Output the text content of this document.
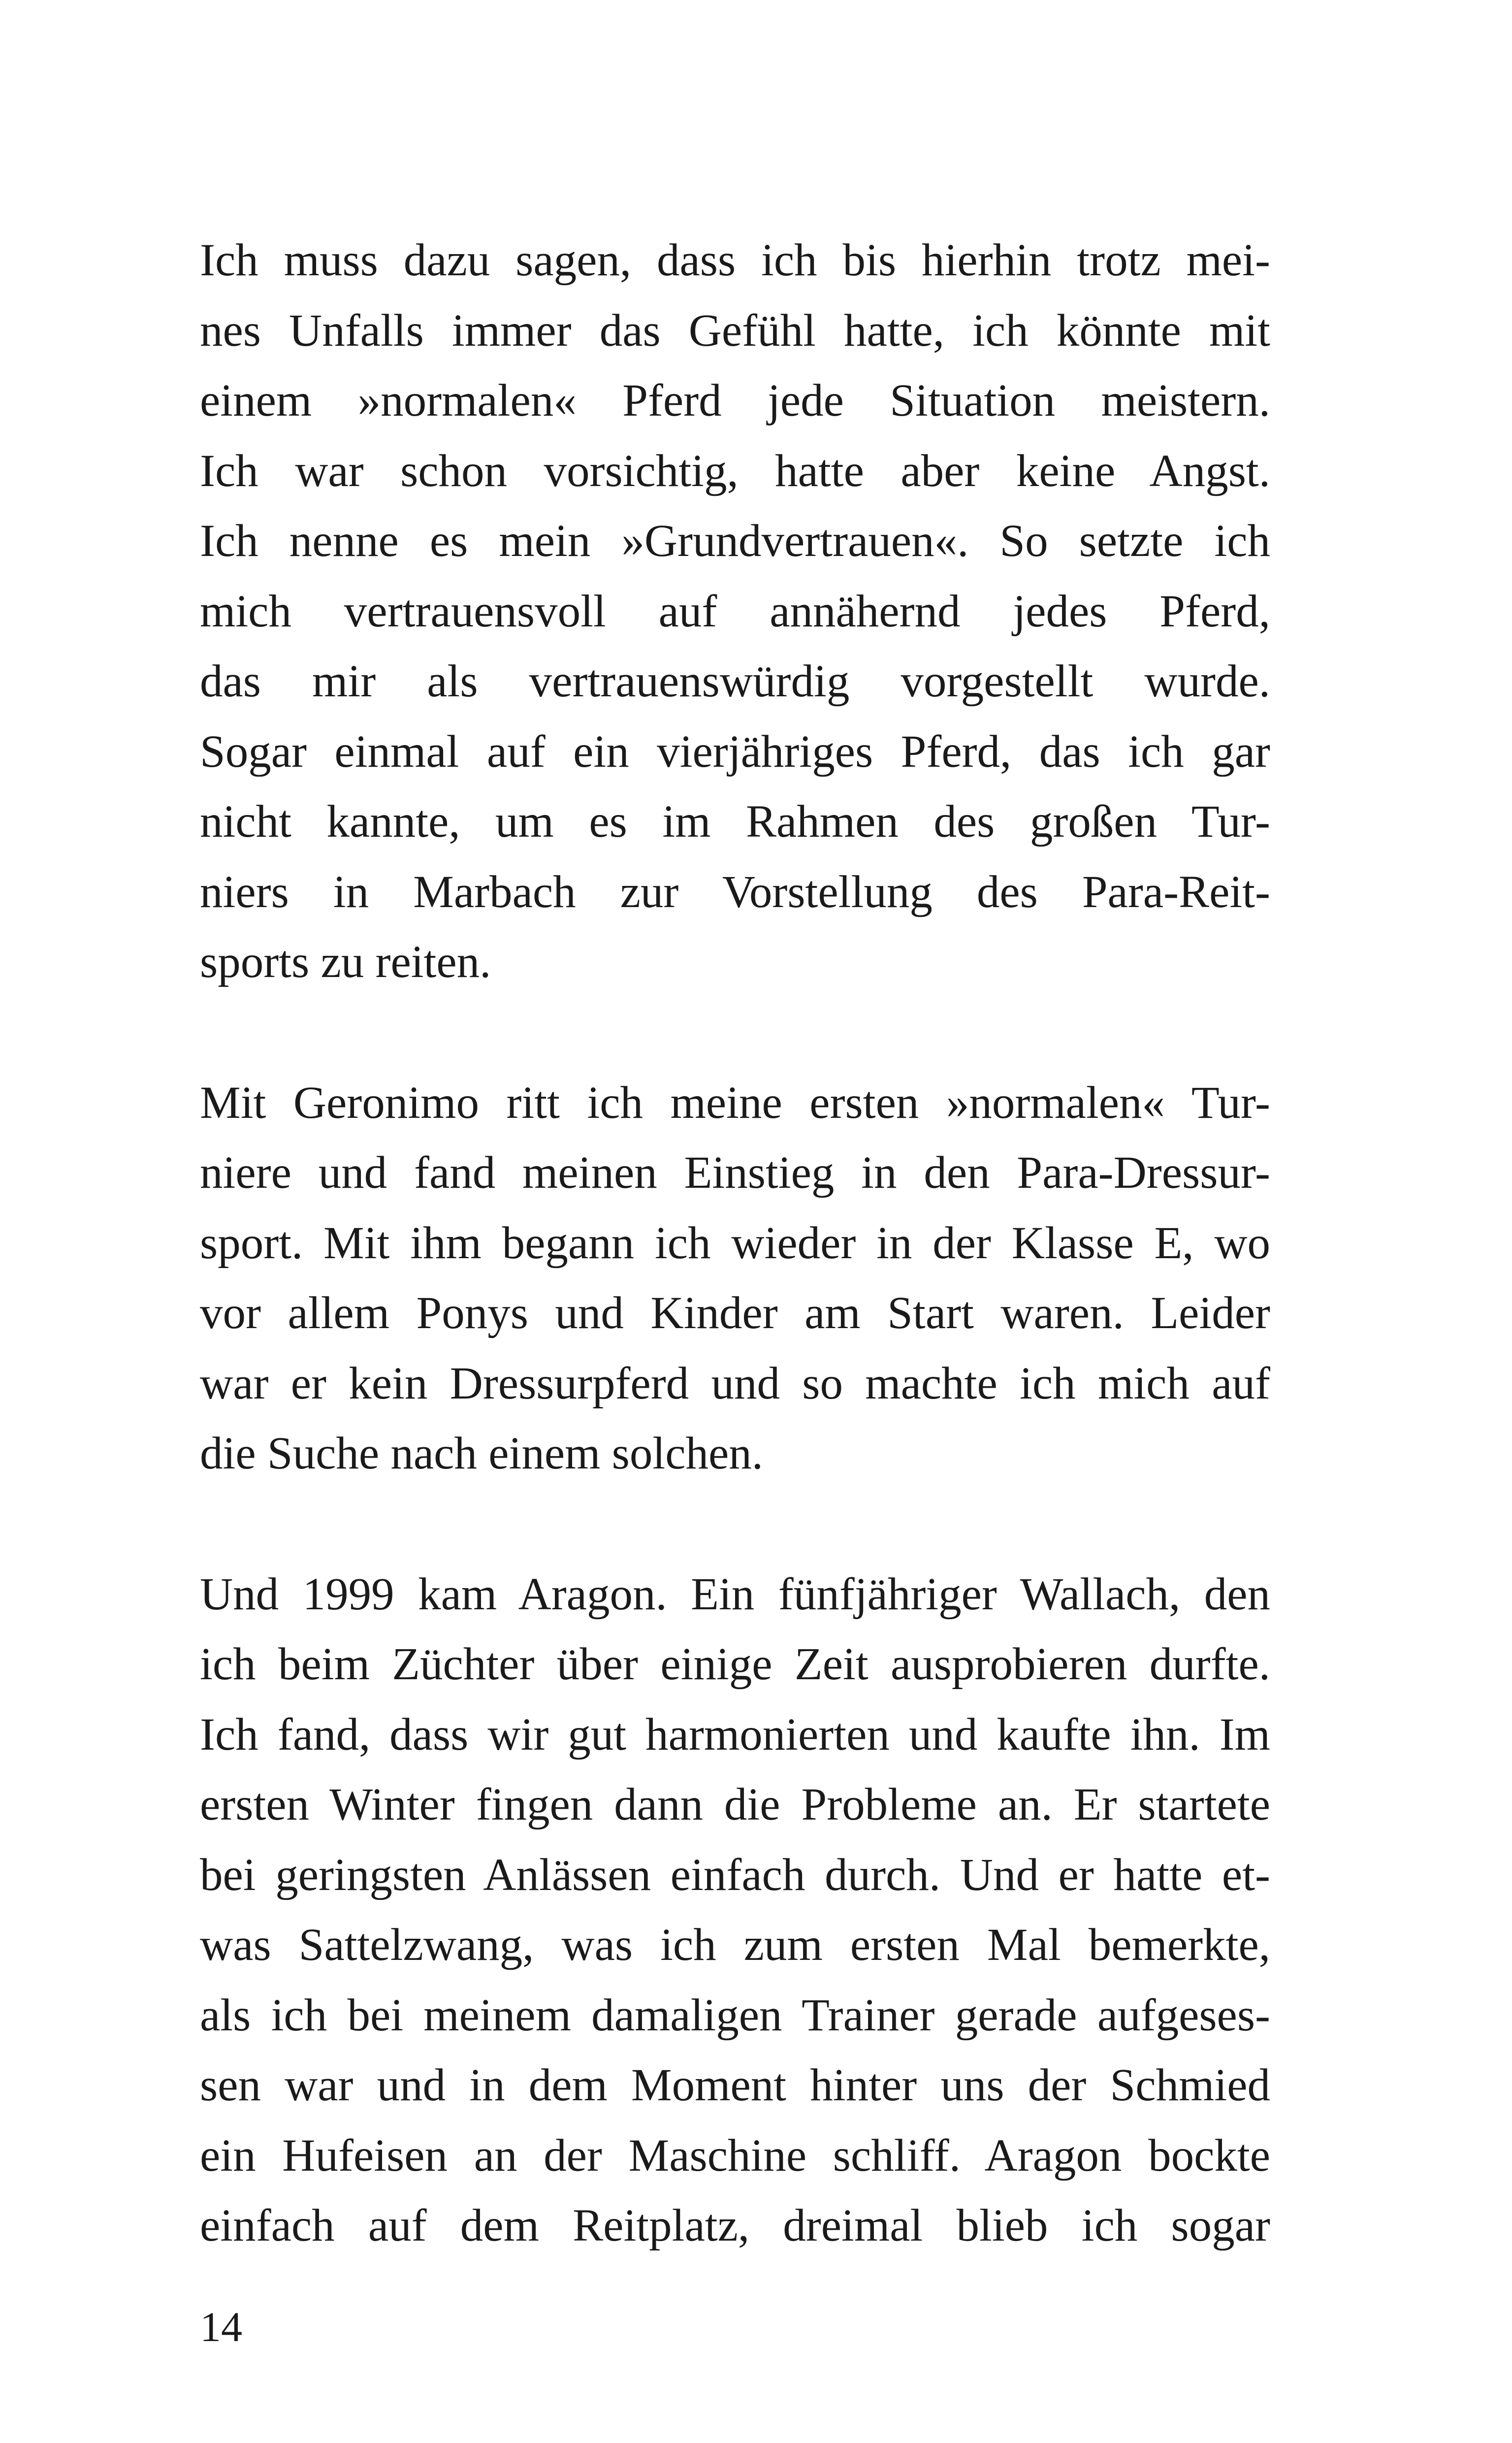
Ich muss dazu sagen, dass ich bis hierhin trotz mei-
nes Unfalls immer das Gefühl hatte, ich könnte mit
einem »normalen« Pferd jede Situation meistern.
Ich war schon vorsichtig, hatte aber keine Angst.
Ich nenne es mein »Grundvertrauen«. So setzte ich
mich vertrauensvoll auf annähernd jedes Pferd,
das mir als vertrauenswürdig vorgestellt wurde.
Sogar einmal auf ein vierjähriges Pferd, das ich gar
nicht kannte, um es im Rahmen des großen Tur-
niers in Marbach zur Vorstellung des Para-Reit-
sports zu reiten.

Mit Geronimo ritt ich meine ersten »normalen« Tur-
niere und fand meinen Einstieg in den Para-Dressur-
sport. Mit ihm begann ich wieder in der Klasse E, wo
vor allem Ponys und Kinder am Start waren. Leider
war er kein Dressurpferd und so machte ich mich auf
die Suche nach einem solchen.

Und 1999 kam Aragon. Ein fünfjähriger Wallach, den
ich beim Züchter über einige Zeit ausprobieren durfte.
Ich fand, dass wir gut harmonierten und kaufte ihn. Im
ersten Winter fingen dann die Probleme an. Er startete
bei geringsten Anlässen einfach durch. Und er hatte et-
was Sattelzwang, was ich zum ersten Mal bemerkte,
als ich bei meinem damaligen Trainer gerade aufgeses-
sen war und in dem Moment hinter uns der Schmied
ein Hufeisen an der Maschine schliff. Aragon bockte
einfach auf dem Reitplatz, dreimal blieb ich sogar

14
